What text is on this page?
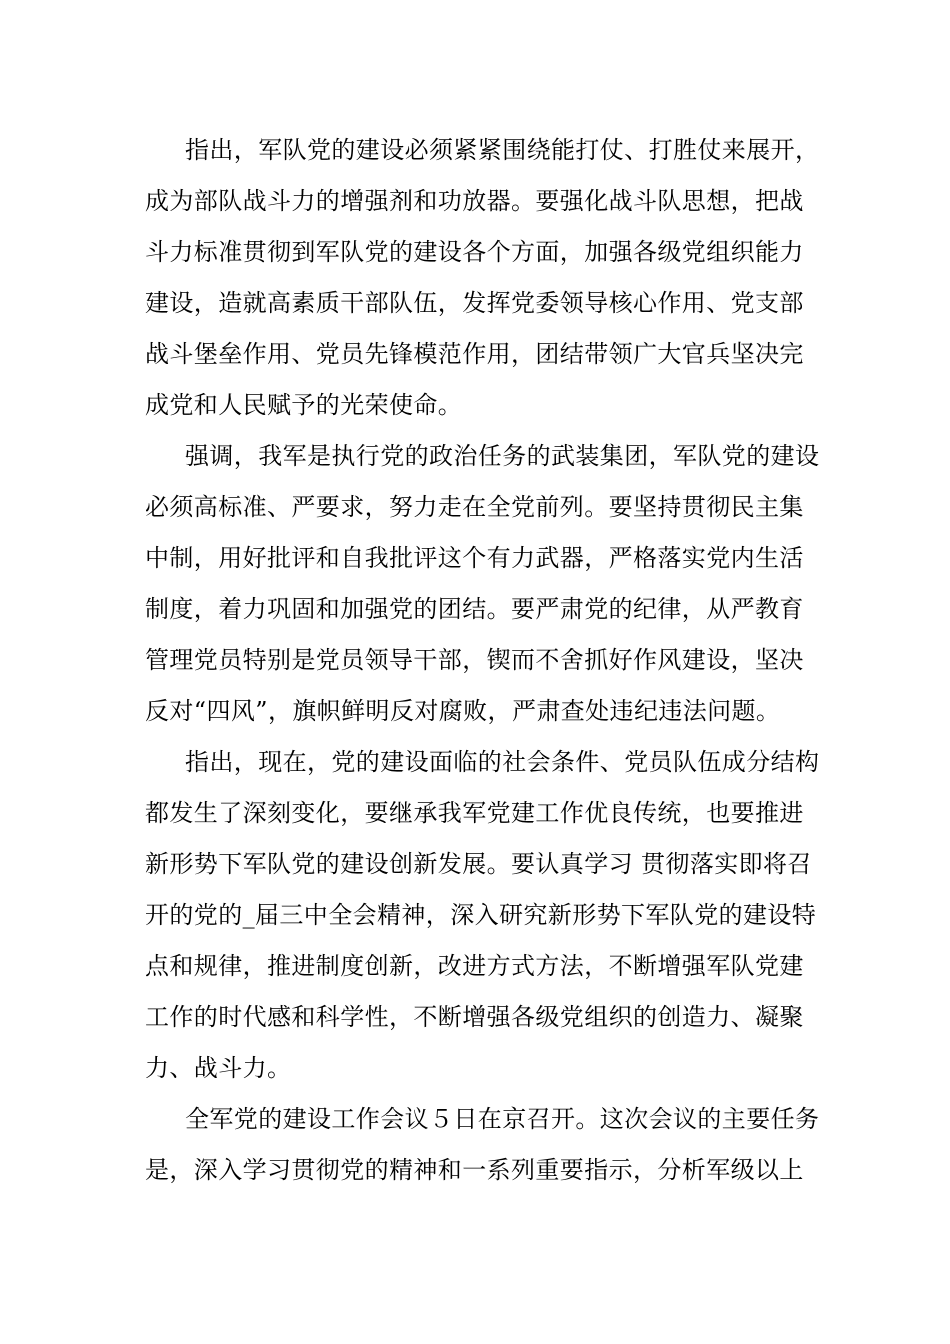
指出，军队党的建设必须紧紧围绕能打仗、打胜仗来展开，
成为部队战斗力的增强剂和功放器。要强化战斗队思想，把战
斗力标准贯彻到军队党的建设各个方面，加强各级党组织能力
建设，造就高素质干部队伍，发挥党委领导核心作用、党支部
战斗堡垒作用、党员先锋模范作用，团结带领广大官兵坚决完
成党和人民赋予的光荣使命。
强调，我军是执行党的政治任务的武装集团，军队党的建设
必须高标准、严要求，努力走在全党前列。要坚持贯彻民主集
中制，用好批评和自我批评这个有力武器，严格落实党内生活
制度，着力巩固和加强党的团结。要严肃党的纪律，从严教育
管理党员特别是党员领导干部，锲而不舍抓好作风建设，坚决
反对“四风”，旗帜鲜明反对腐败，严肃查处违纪违法问题。
指出，现在，党的建设面临的社会条件、党员队伍成分结构
都发生了深刻变化，要继承我军党建工作优良传统，也要推进
新形势下军队党的建设创新发展。要认真学习 贯彻落实即将召
开的党的_届三中全会精神，深入研究新形势下军队党的建设特
点和规律，推进制度创新，改进方式方法，不断增强军队党建
工作的时代感和科学性，不断增强各级党组织的创造力、凝聚
力、战斗力。
全军党的建设工作会议５日在京召开。这次会议的主要任务
是，深入学习贯彻党的精神和一系列重要指示，分析军级以上
